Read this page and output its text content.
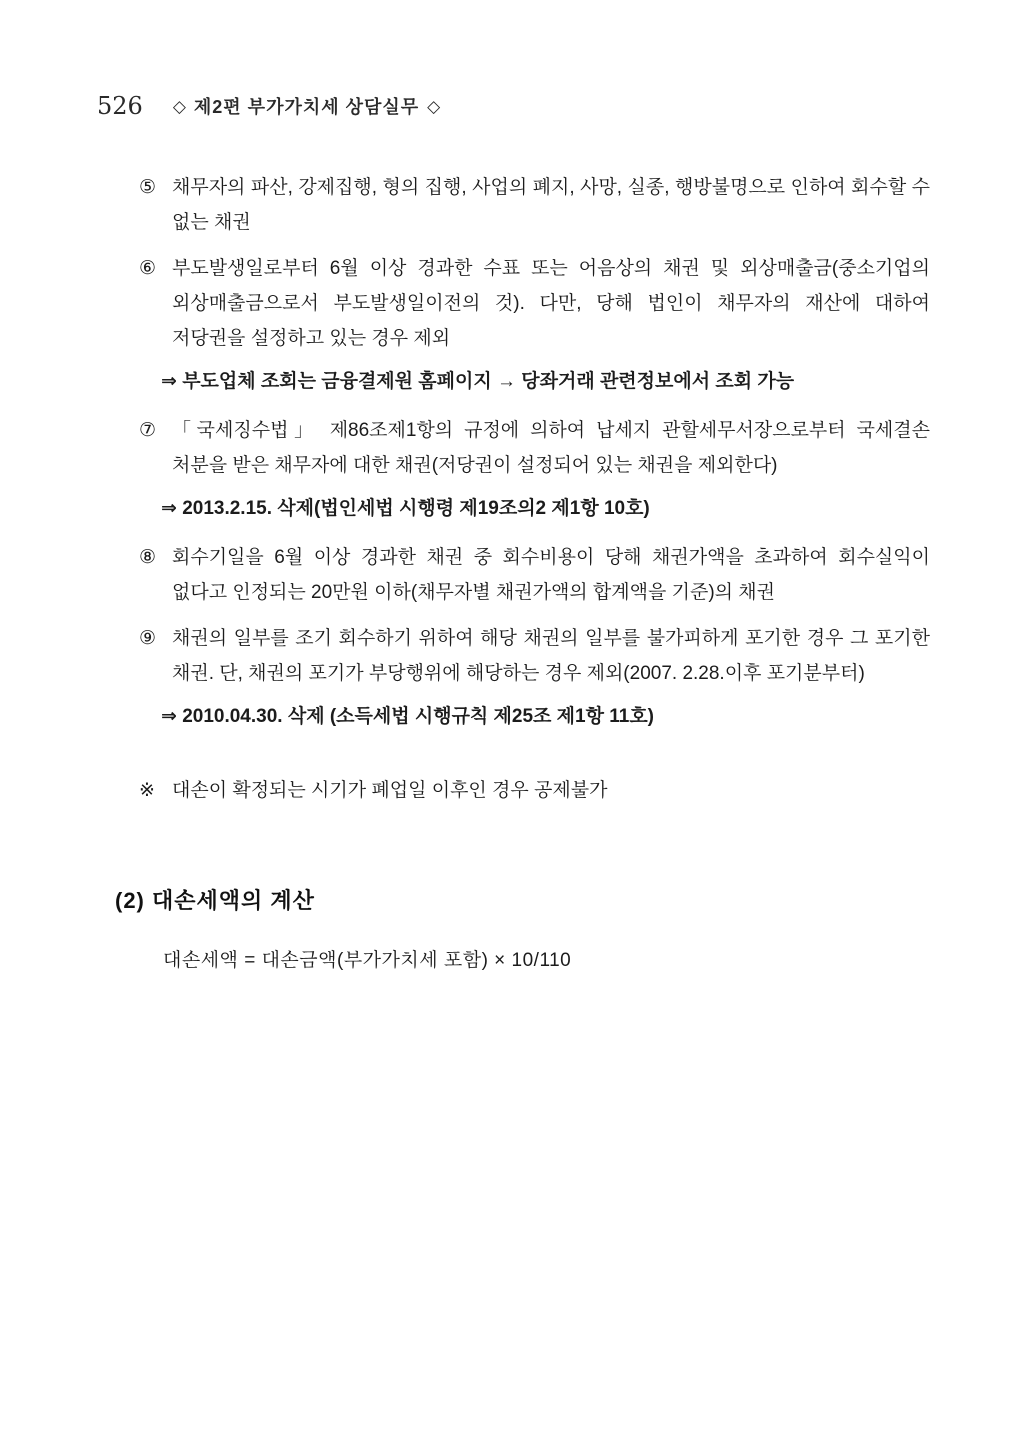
526 ◇ 제2편 부가가치세 상담실무 ◇
⑤ 채무자의 파산, 강제집행, 형의 집행, 사업의 폐지, 사망, 실종, 행방불명으로 인하여 회수할 수 없는 채권
⑥ 부도발생일로부터 6월 이상 경과한 수표 또는 어음상의 채권 및 외상매출금(중소기업의 외상매출금으로서 부도발생일이전의 것). 다만, 당해 법인이 채무자의 재산에 대하여 저당권을 설정하고 있는 경우 제외
⇒ 부도업체 조회는 금융결제원 홈페이지 → 당좌거래 관련정보에서 조회 가능
⑦ 「국세징수법」 제86조제1항의 규정에 의하여 납세지 관할세무서장으로부터 국세결손 처분을 받은 채무자에 대한 채권(저당권이 설정되어 있는 채권을 제외한다)
⇒ 2013.2.15. 삭제(법인세법 시행령 제19조의2 제1항 10호)
⑧ 회수기일을 6월 이상 경과한 채권 중 회수비용이 당해 채권가액을 초과하여 회수실익이 없다고 인정되는 20만원 이하(채무자별 채권가액의 합계액을 기준)의 채권
⑨ 채권의 일부를 조기 회수하기 위하여 해당 채권의 일부를 불가피하게 포기한 경우 그 포기한 채권. 단, 채권의 포기가 부당행위에 해당하는 경우 제외(2007. 2.28.이후 포기분부터)
⇒ 2010.04.30. 삭제 (소득세법 시행규칙 제25조 제1항 11호)
※ 대손이 확정되는 시기가 폐업일 이후인 경우 공제불가
(2) 대손세액의 계산
대손세액 = 대손금액(부가가치세 포함) × 10/110
